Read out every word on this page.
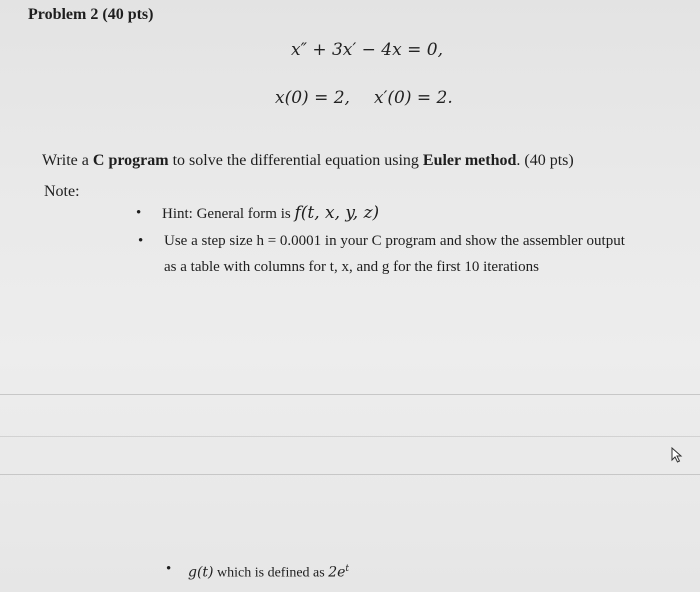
Problem 2 (40 pts)
x″ + 3x′ − 4x = 0,
x(0) = 2, x′(0) = 2.
Write a C program to solve the differential equation using Euler method. (40 pts)
Note:
• Hint: General form is f(t, x, y, z)
• Use a step size h = 0.0001 in your C program and show the assembler output
as a table with columns for t, x, and g for the first 10 iterations
• g(t) which is defined as $2e^t$
